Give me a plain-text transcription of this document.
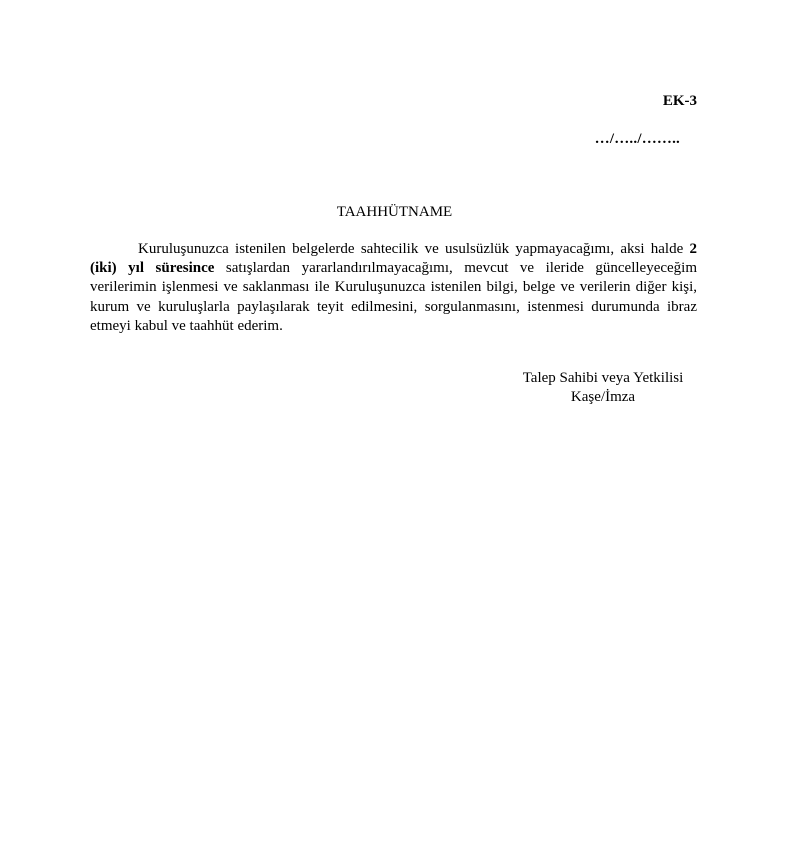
EK-3
…/…../……..
TAAHHÜTNAME

Kuruluşunuzca istenilen belgelerde sahtecilik ve usulsüzlük yapmayacağımı, aksi halde 2 (iki) yıl süresince satışlardan yararlandırılmayacağımı, mevcut ve ileride güncelleyeceğim verilerimin işlenmesi ve saklanması ile Kuruluşunuzca istenilen bilgi, belge ve verilerin diğer kişi, kurum ve kuruluşlarla paylaşılarak teyit edilmesini, sorgulanmasını, istenmesi durumunda ibraz etmeyi kabul ve taahhüt ederim.

Talep Sahibi veya Yetkilisi
Kaşe/İmza
